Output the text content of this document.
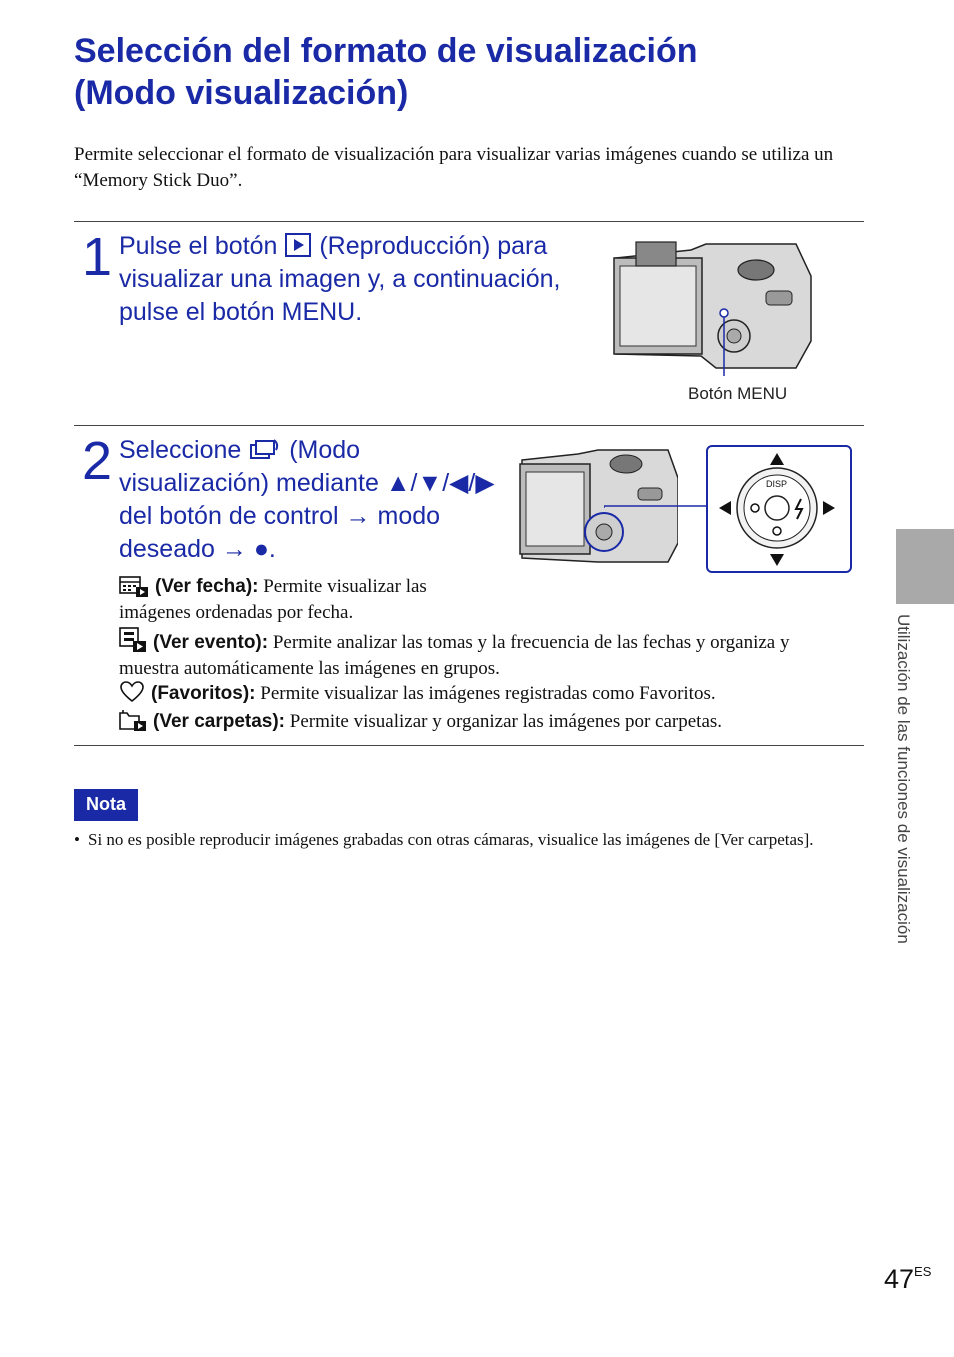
Selección del formato de visualización
(Modo visualización)
Permite seleccionar el formato de visualización para visualizar varias imágenes cuando se utiliza un “Memory Stick Duo”.
1 Pulse el botón (Reproducción) para visualizar una imagen y, a continuación, pulse el botón MENU.
Botón MENU
2 Seleccione (Modo visualización) mediante ▲/▼/◀/▶ del botón de control → modo deseado → ●.
DISP
(Ver fecha): Permite visualizar las imágenes ordenadas por fecha.
(Ver evento): Permite analizar las tomas y la frecuencia de las fechas y organiza y muestra automáticamente las imágenes en grupos.
(Favoritos): Permite visualizar las imágenes registradas como Favoritos.
(Ver carpetas): Permite visualizar y organizar las imágenes por carpetas.
Nota
• Si no es posible reproducir imágenes grabadas con otras cámaras, visualice las imágenes de [Ver carpetas].	Utilización de las funciones de visualización
$47^{ES}$
